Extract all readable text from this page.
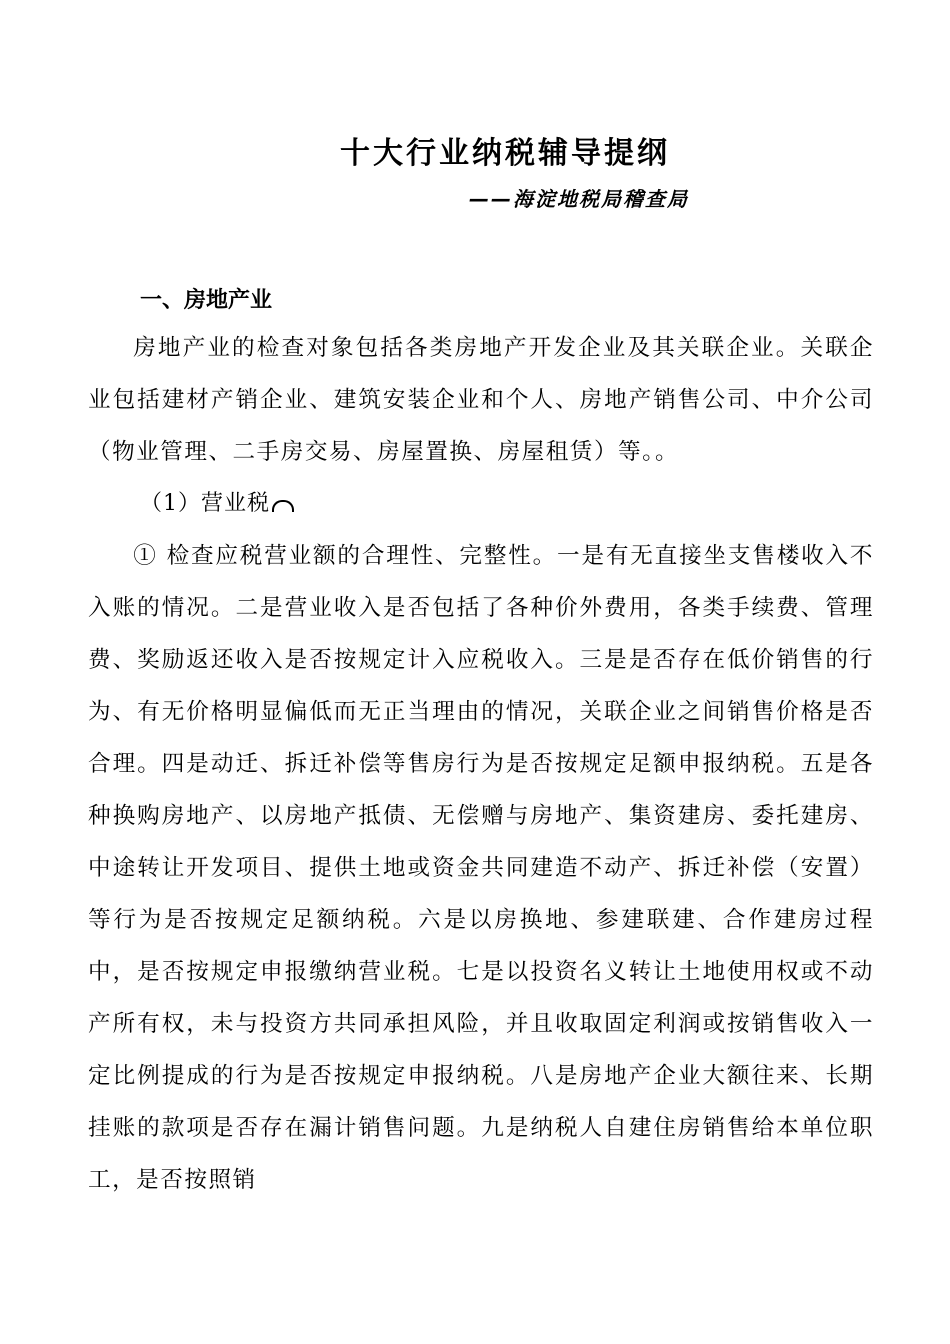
十大行业纳税辅导提纲
——海淀地税局稽查局
一、房地产业

房地产业的检查对象包括各类房地产开发企业及其关联企业。关联企业包括建材产销企业、建筑安装企业和个人、房地产销售公司、中介公司（物业管理、二手房交易、房屋置换、房屋租赁）等。。

（1）营业税

① 检查应税营业额的合理性、完整性。一是有无直接坐支售楼收入不入账的情况。二是营业收入是否包括了各种价外费用，各类手续费、管理费、奖励返还收入是否按规定计入应税收入。三是是否存在低价销售的行为、有无价格明显偏低而无正当理由的情况，关联企业之间销售价格是否合理。四是动迁、拆迁补偿等售房行为是否按规定足额申报纳税。五是各种换购房地产、以房地产抵债、无偿赠与房地产、集资建房、委托建房、中途转让开发项目、提供土地或资金共同建造不动产、拆迁补偿（安置）等行为是否按规定足额纳税。六是以房换地、参建联建、合作建房过程中，是否按规定申报缴纳营业税。七是以投资名义转让土地使用权或不动产所有权，未与投资方共同承担风险，并且收取固定利润或按销售收入一定比例提成的行为是否按规定申报纳税。八是房地产企业大额往来、长期挂账的款项是否存在漏计销售问题。九是纳税人自建住房销售给本单位职工，是否按照销
